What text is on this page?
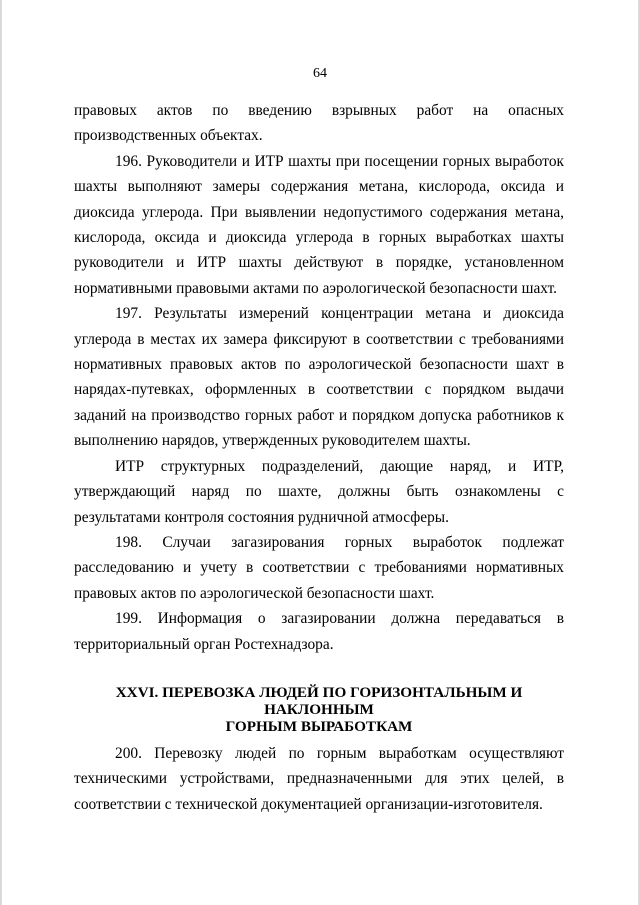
64

правовых актов по введению взрывных работ на опасных производственных объектах.

196. Руководители и ИТР шахты при посещении горных выработок шахты выполняют замеры содержания метана, кислорода, оксида и диоксида углерода. При выявлении недопустимого содержания метана, кислорода, оксида и диоксида углерода в горных выработках шахты руководители и ИТР шахты действуют в порядке, установленном нормативными правовыми актами по аэрологической безопасности шахт.

197. Результаты измерений концентрации метана и диоксида углерода в местах их замера фиксируют в соответствии с требованиями нормативных правовых актов по аэрологической безопасности шахт в нарядах-путевках, оформленных в соответствии с порядком выдачи заданий на производство горных работ и порядком допуска работников к выполнению нарядов, утвержденных руководителем шахты.

ИТР структурных подразделений, дающие наряд, и ИТР, утверждающий наряд по шахте, должны быть ознакомлены с результатами контроля состояния рудничной атмосферы.

198. Случаи загазирования горных выработок подлежат расследованию и учету в соответствии с требованиями нормативных правовых актов по аэрологической безопасности шахт.

199. Информация о загазировании должна передаваться в территориальный орган Ростехнадзора.

XXVI. ПЕРЕВОЗКА ЛЮДЕЙ ПО ГОРИЗОНТАЛЬНЫМ И НАКЛОННЫМ
ГОРНЫМ ВЫРАБОТКАМ

200. Перевозку людей по горным выработкам осуществляют техническими устройствами, предназначенными для этих целей, в соответствии с технической документацией организации-изготовителя.
